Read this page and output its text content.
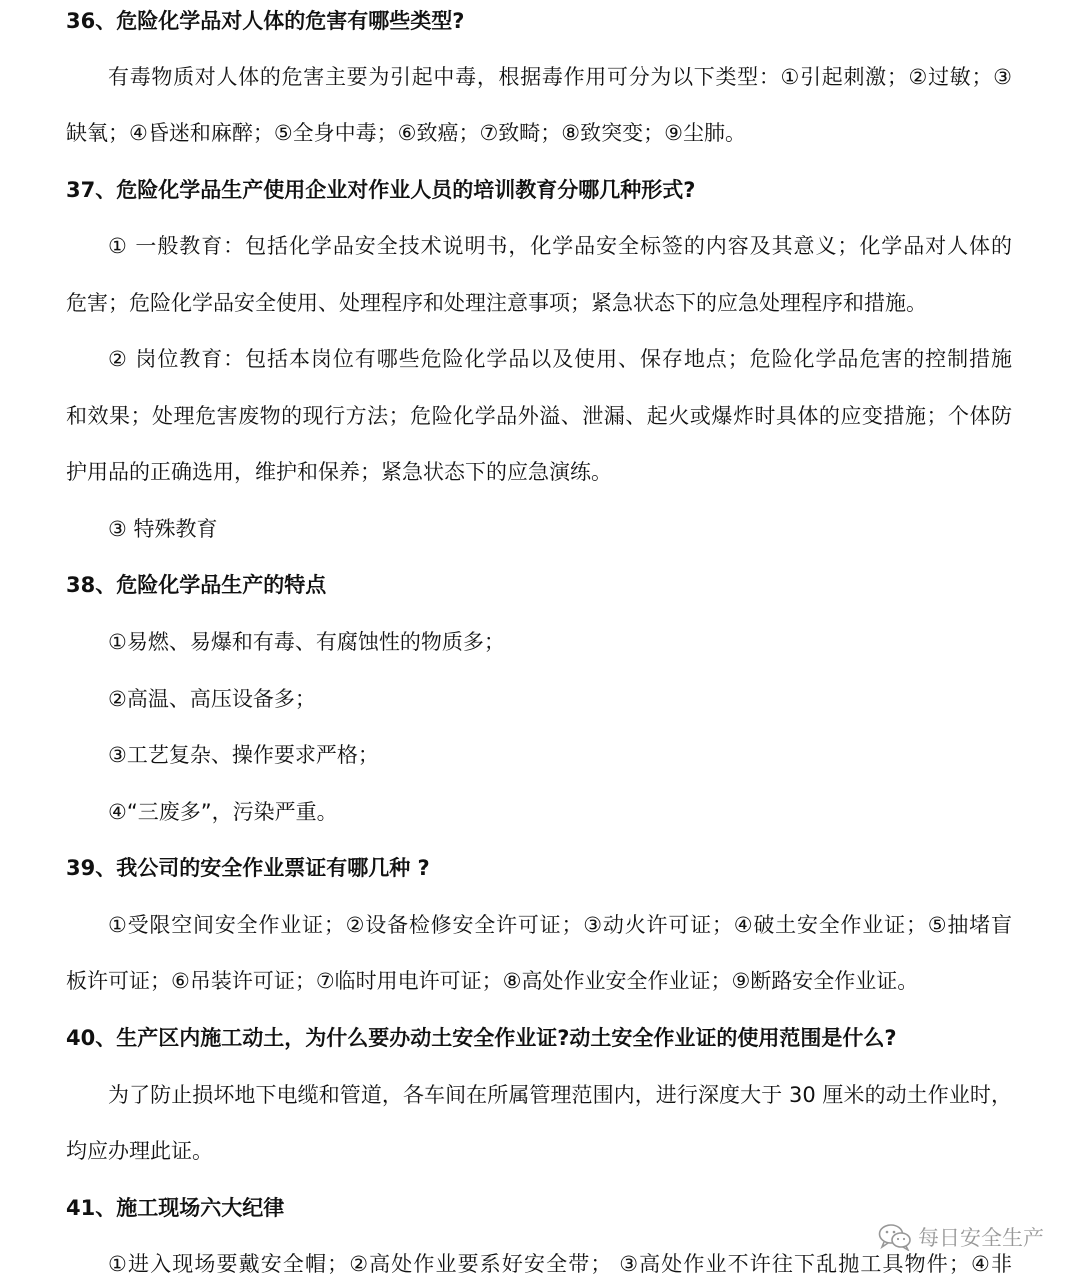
36、危险化学品对人体的危害有哪些类型?
有毒物质对人体的危害主要为引起中毒，根据毒作用可分为以下类型：①引起刺激；②过敏；③
缺氧；④昏迷和麻醉；⑤全身中毒；⑥致癌；⑦致畸；⑧致突变；⑨尘肺。
37、危险化学品生产使用企业对作业人员的培训教育分哪几种形式?
① 一般教育：包括化学品安全技术说明书，化学品安全标签的内容及其意义；化学品对人体的
危害；危险化学品安全使用、处理程序和处理注意事项；紧急状态下的应急处理程序和措施。
② 岗位教育：包括本岗位有哪些危险化学品以及使用、保存地点；危险化学品危害的控制措施
和效果；处理危害废物的现行方法；危险化学品外溢、泄漏、起火或爆炸时具体的应变措施；个体防
护用品的正确选用，维护和保养；紧急状态下的应急演练。
③ 特殊教育
38、危险化学品生产的特点
①易燃、易爆和有毒、有腐蚀性的物质多；
②高温、高压设备多；
③工艺复杂、操作要求严格；
④“三废多”，污染严重。
39、我公司的安全作业票证有哪几种 ?
①受限空间安全作业证；②设备检修安全许可证；③动火许可证；④破土安全作业证；⑤抽堵盲
板许可证；⑥吊装许可证；⑦临时用电许可证；⑧高处作业安全作业证；⑨断路安全作业证。
40、生产区内施工动土，为什么要办动土安全作业证?动土安全作业证的使用范围是什么?
为了防止损坏地下电缆和管道，各车间在所属管理范围内，进行深度大于 30 厘米的动土作业时，
均应办理此证。
41、施工现场六大纪律
①进入现场要戴安全帽；②高处作业要系好安全带； ③高处作业不许往下乱抛工具物件；④非
每日安全生产
